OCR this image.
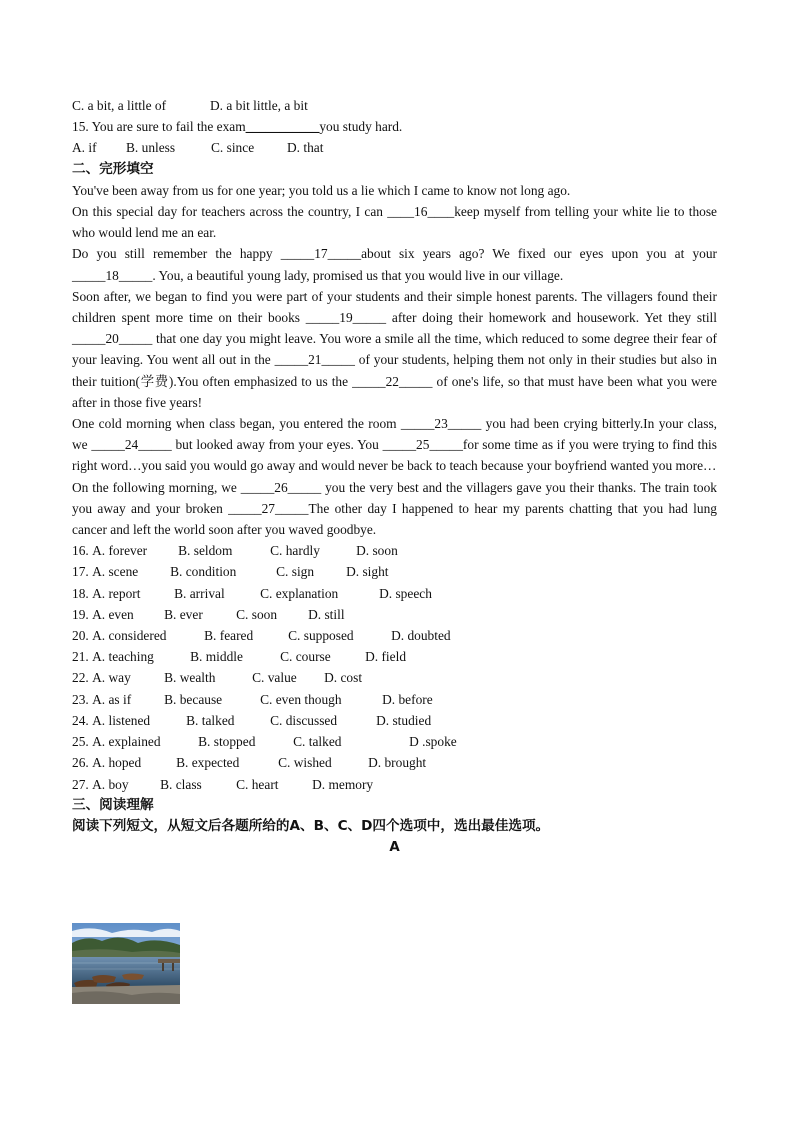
C. a bit, a little of	D. a bit little, a bit
15. You are sure to fail the exam___________you study hard.
A. if B. unless	C. since D. that
二、完形填空
You've been away from us for one year; you told us a lie which I came to know not long ago.
On this special day for teachers across the country, I can ____16____keep myself from telling your white lie to those who would lend me an ear.
Do you still remember the happy _____17_____about six years ago? We fixed our eyes upon you at your _____18_____. You, a beautiful young lady, promised us that you would live in our village.
Soon after, we began to find you were part of your students and their simple honest parents. The villagers found their children spent more time on their books _____19_____ after doing their homework and housework. Yet they still _____20_____ that one day you might leave. You wore a smile all the time, which reduced to some degree their fear of your leaving. You went all out in the _____21_____ of your students, helping them not only in their studies but also in their tuition(学费).You often emphasized to us the _____22_____ of one's life, so that must have been what you were after in those five years!
One cold morning when class began, you entered the room _____23_____ you had been crying bitterly.In your class, we _____24_____ but looked away from your eyes. You _____25_____for some time as if you were trying to find this right word…you said you would go away and would never be back to teach because your boyfriend wanted you more…
On the following morning, we _____26_____ you the very best and the villagers gave you their thanks. The train took you away and your broken _____27_____The other day I happened to hear my parents chatting that you had lung cancer and left the world soon after you waved goodbye.
16. A. forever B. seldom	C. hardly	D. soon
17. A. scene B. condition	C. sign D. sight
18. A. report	B. arrival	C. explanation	D. speech
19. A. even B. ever C. soon D. still
20. A. considered	B. feared	C. supposed	D. doubted
21. A. teaching	B. middle	C. course	D. field
22. A. way B. wealth	C. value D. cost
23. A. as if B. because	C. even though	D. before
24. A. listened	B. talked	C. discussed	D. studied
25. A. explained	B. stopped	C. talked	D .spoke
26. A. hoped	B. expected	C. wished	D. brought
27. A. boy B. class	C. heart	D. memory
三、阅读理解
阅读下列短文，从短文后各题所给的A、B、C、D四个选项中，选出最佳选项。
A
